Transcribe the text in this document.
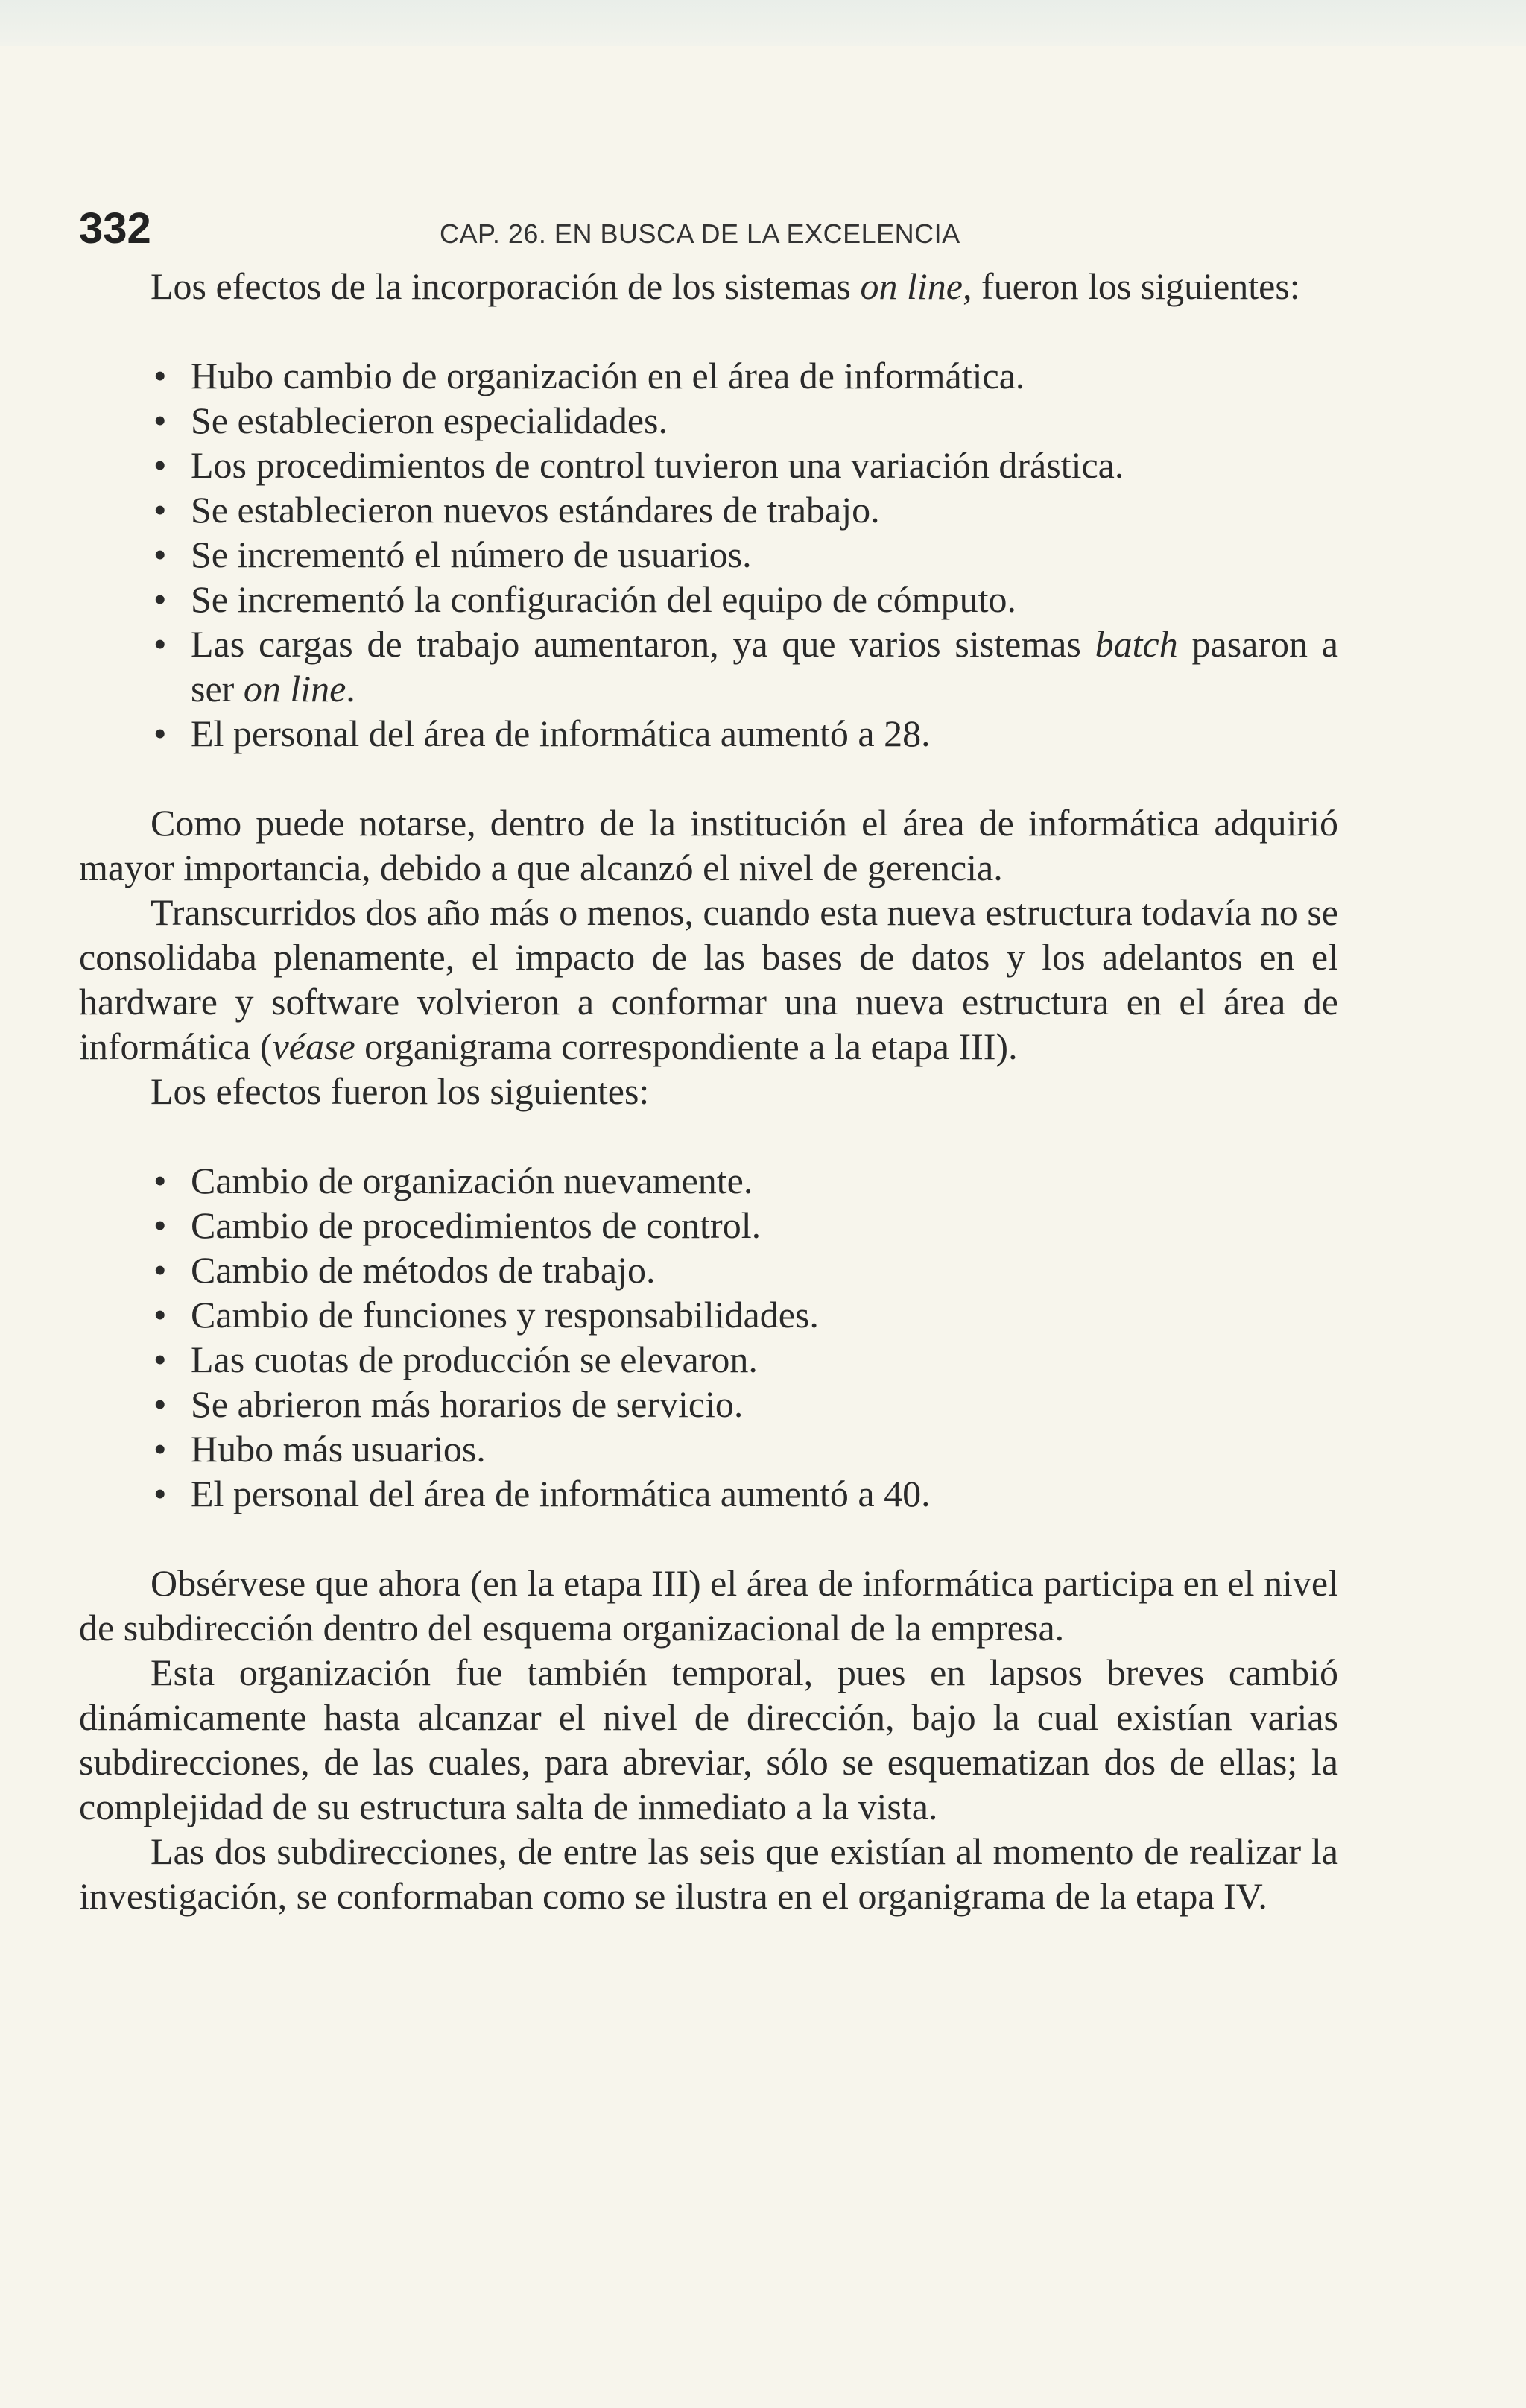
332	CAP. 26. EN BUSCA DE LA EXCELENCIA

Los efectos de la incorporación de los sistemas on line, fueron los siguientes:

• Hubo cambio de organización en el área de informática.
• Se establecieron especialidades.
• Los procedimientos de control tuvieron una variación drástica.
• Se establecieron nuevos estándares de trabajo.
• Se incrementó el número de usuarios.
• Se incrementó la configuración del equipo de cómputo.
• Las cargas de trabajo aumentaron, ya que varios sistemas batch pasaron a ser on line.
• El personal del área de informática aumentó a 28.

Como puede notarse, dentro de la institución el área de informática adquirió mayor importancia, debido a que alcanzó el nivel de gerencia.

Transcurridos dos año más o menos, cuando esta nueva estructura todavía no se consolidaba plenamente, el impacto de las bases de datos y los adelantos en el hardware y software volvieron a conformar una nueva estructura en el área de informática (véase organigrama correspondiente a la etapa III).

Los efectos fueron los siguientes:

• Cambio de organización nuevamente.
• Cambio de procedimientos de control.
• Cambio de métodos de trabajo.
• Cambio de funciones y responsabilidades.
• Las cuotas de producción se elevaron.
• Se abrieron más horarios de servicio.
• Hubo más usuarios.
• El personal del área de informática aumentó a 40.

Obsérvese que ahora (en la etapa III) el área de informática participa en el nivel de subdirección dentro del esquema organizacional de la empresa.

Esta organización fue también temporal, pues en lapsos breves cambió dinámicamente hasta alcanzar el nivel de dirección, bajo la cual existían varias subdirecciones, de las cuales, para abreviar, sólo se esquematizan dos de ellas; la complejidad de su estructura salta de inmediato a la vista.

Las dos subdirecciones, de entre las seis que existían al momento de realizar la investigación, se conformaban como se ilustra en el organigrama de la etapa IV.
